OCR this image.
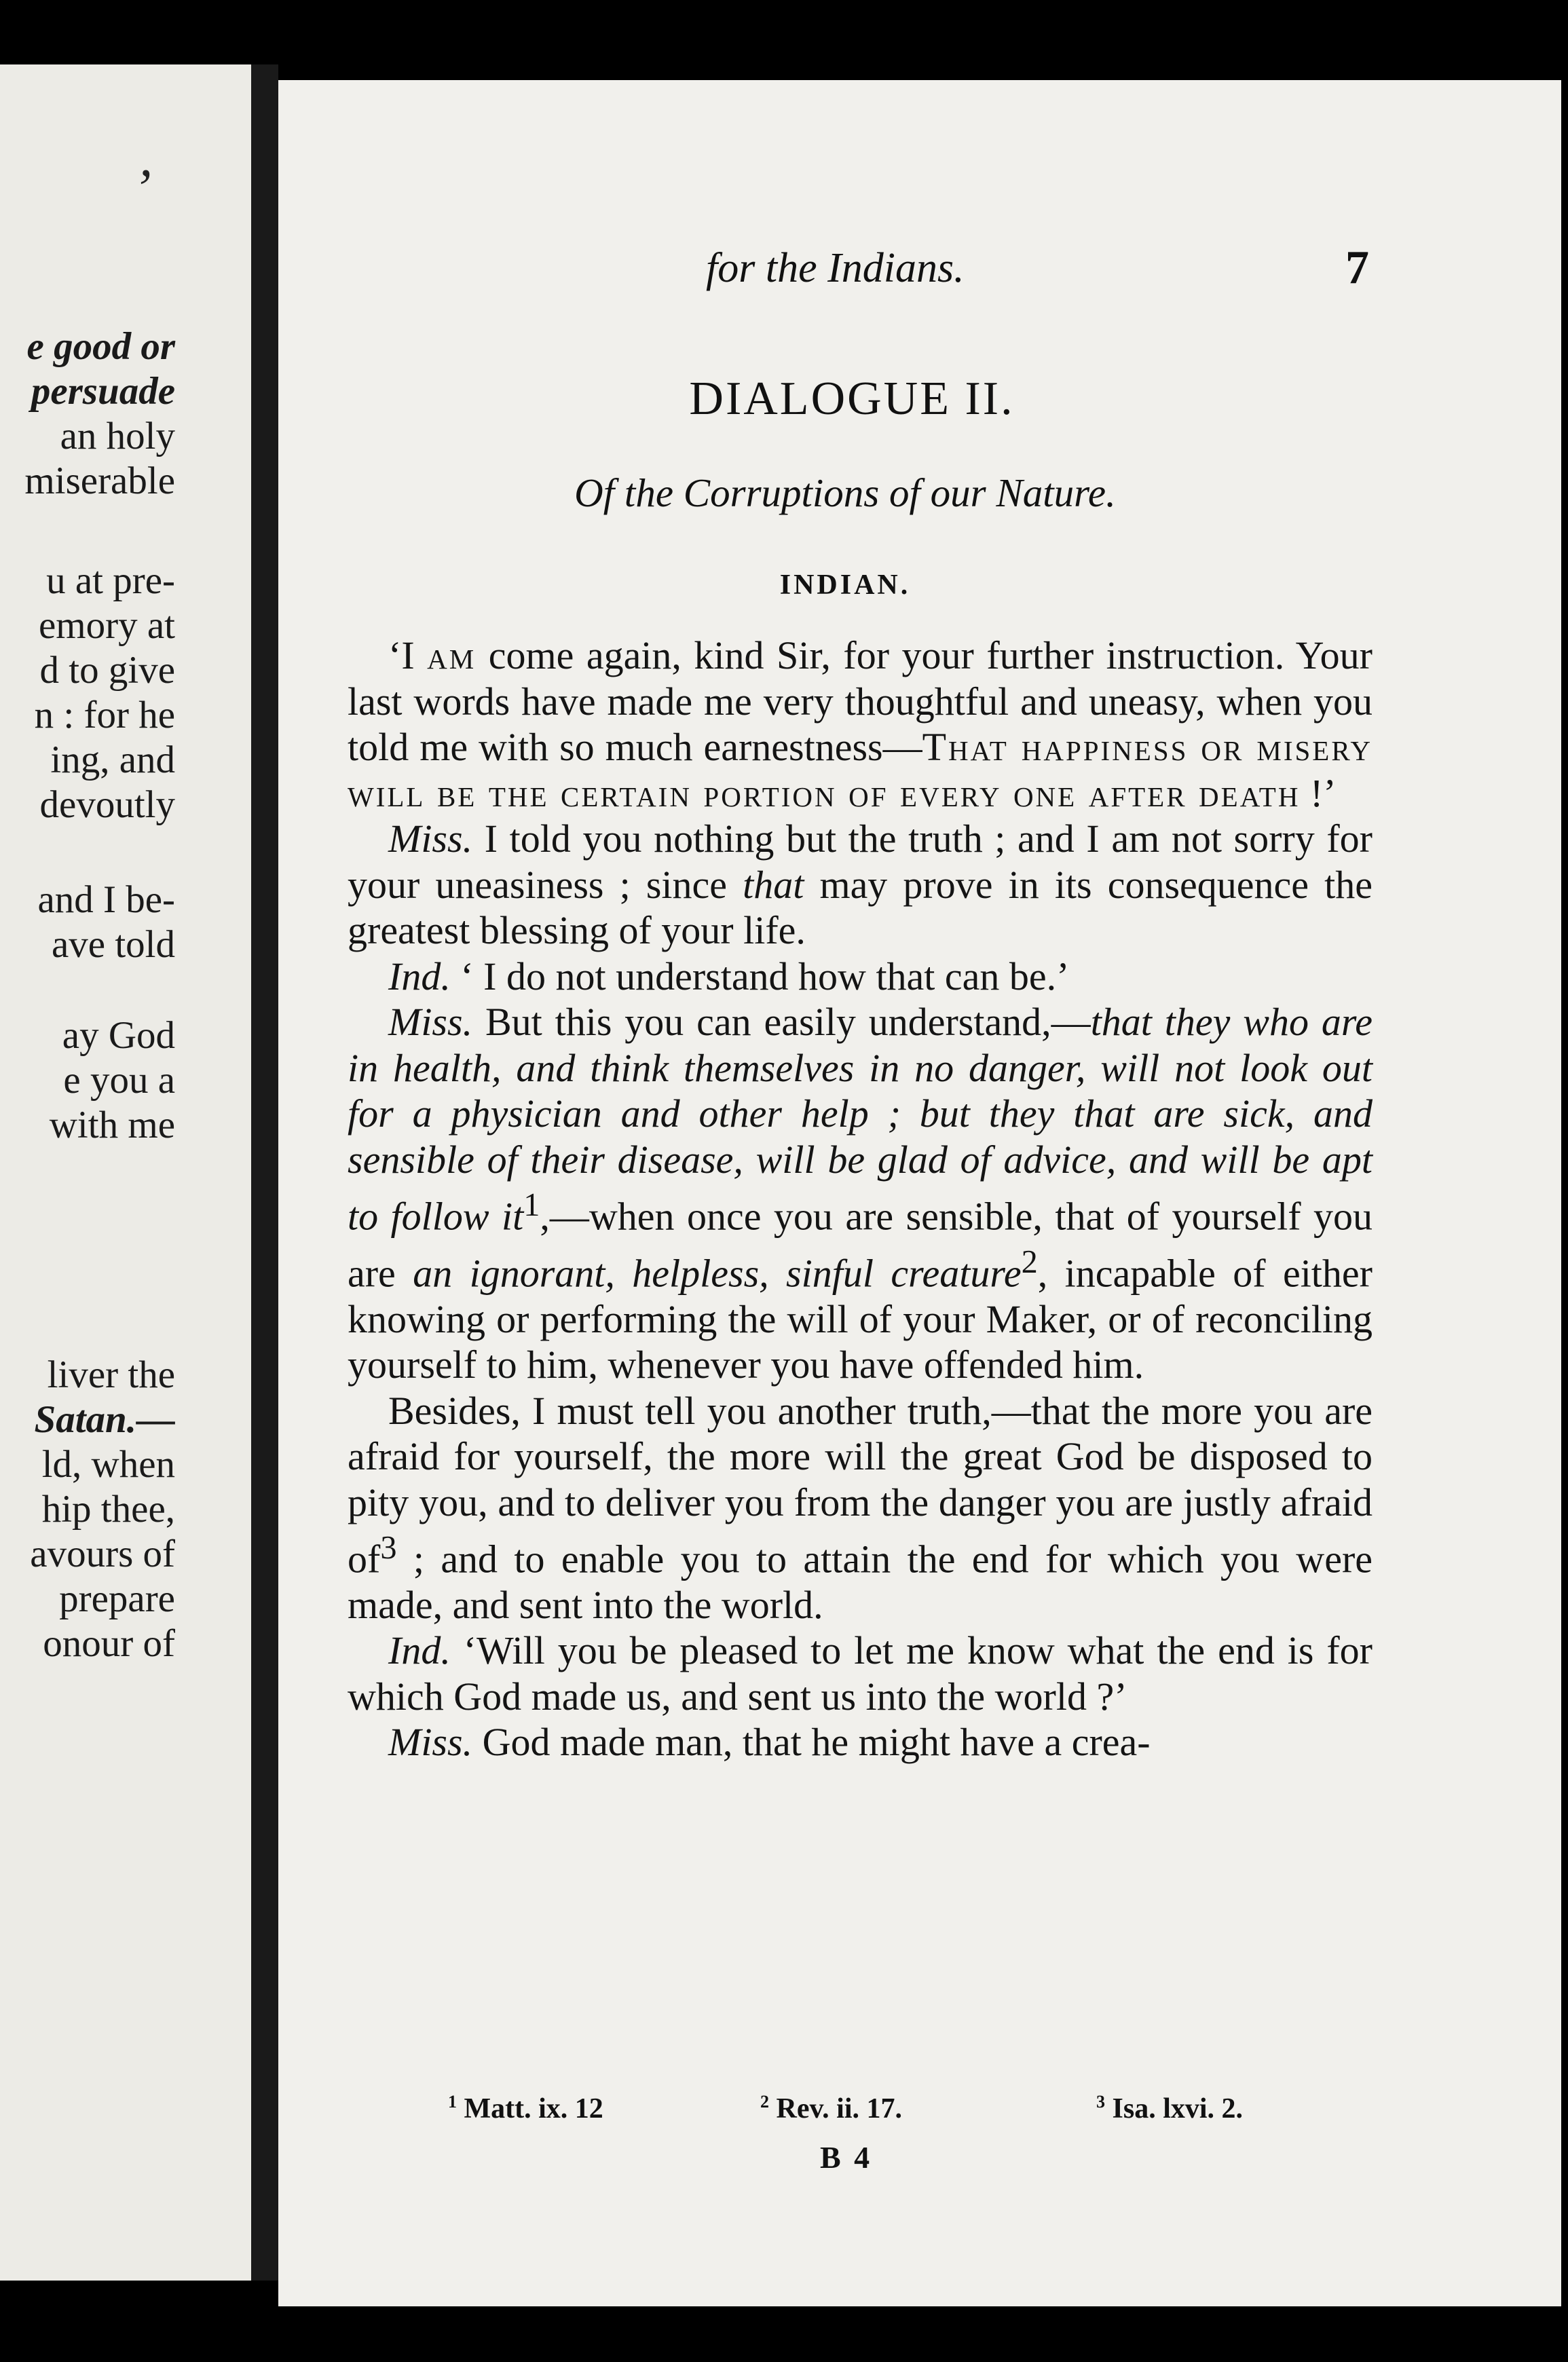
’
e good or
persuade
an holy
miserable
u at pre-
emory at
d to give
n : for he
ing, and
devoutly
and I be-
ave told
ay God
e you a
with me
liver the
Satan.—
ld, when
hip thee,
avours of
prepare
onour of
for the Indians.	7
DIALOGUE II.
Of the Corruptions of our Nature.
INDIAN.

‘I am come again, kind Sir, for your further instruction. Your last words have made me very thoughtful and uneasy, when you told me with so much earnestness—That happiness or misery will be the certain portion of every one after death !’

Miss. I told you nothing but the truth ; and I am not sorry for your uneasiness ; since that may prove in its consequence the greatest blessing of your life.

Ind. ‘ I do not understand how that can be.’

Miss. But this you can easily understand,—that they who are in health, and think themselves in no danger, will not look out for a physician and other help ; but they that are sick, and sensible of their disease, will be glad of advice, and will be apt to follow $it^1,—when$ once you are sensible, that of yourself you are an ignorant, helpless, sinful creature$^2$, incapable of either knowing or performing the will of your Maker, or of reconciling yourself to him, whenever you have offended him.

Besides, I must tell you another truth,—that the more you are afraid for yourself, the more will the great God be disposed to pity you, and to deliver you from the danger you are justly afraid $of^3$ ; and to enable you to attain the end for which you were made, and sent into the world.

Ind. ‘Will you be pleased to let me know what the end is for which God made us, and sent us into the world ?’

Miss. God made man, that he might have a crea-

$^1$ Matt. ix. 12	$^2$ Rev. ii. 17.	$^3$ Isa. lxvi. 2.
B 4
